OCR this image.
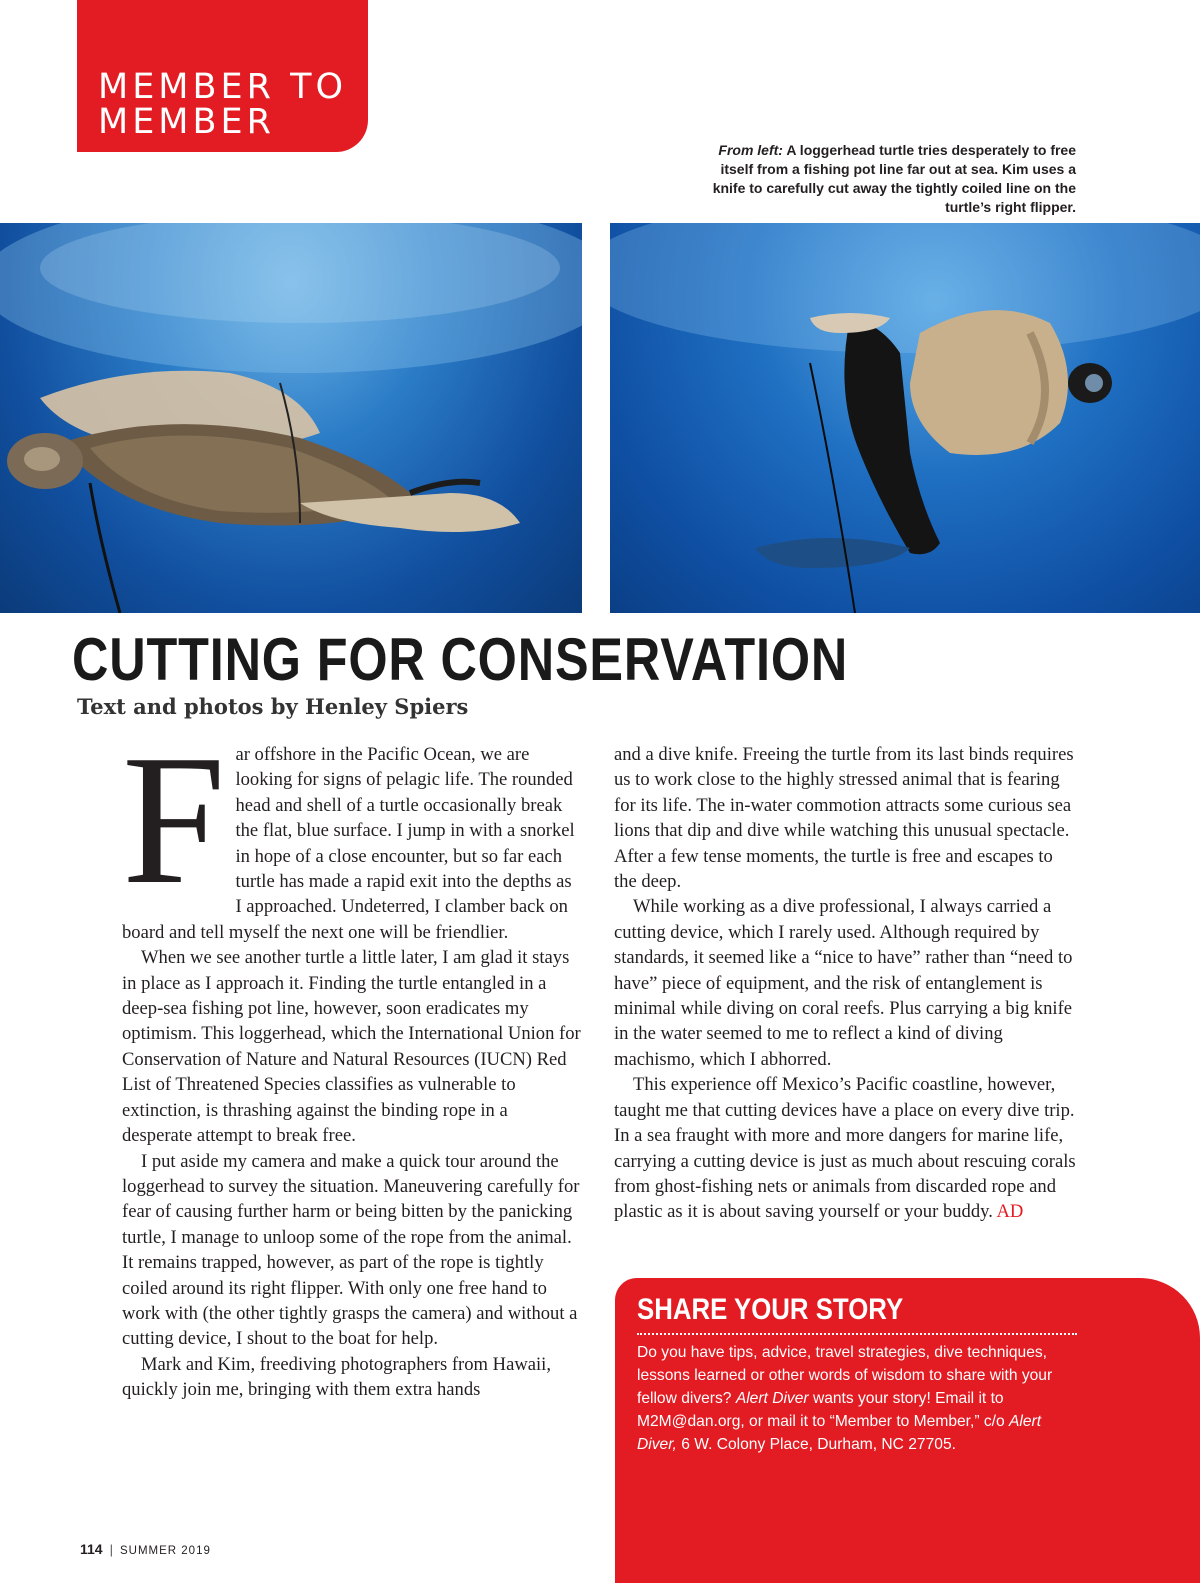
MEMBER TO
MEMBER
From left: A loggerhead turtle tries desperately to free itself from a fishing pot line far out at sea. Kim uses a knife to carefully cut away the tightly coiled line on the turtle’s right flipper.
CUTTING FOR CONSERVATION
Text and photos by Henley Spiers
F ar offshore in the Pacific Ocean, we are looking for signs of pelagic life. The rounded head and shell of a turtle occasionally break the flat, blue surface. I jump in with a snorkel in hope of a close encounter, but so far each turtle has made a rapid exit into the depths as I approached. Undeterred, I clamber back on board and tell myself the next one will be friendlier.

When we see another turtle a little later, I am glad it stays in place as I approach it. Finding the turtle entangled in a deep-sea fishing pot line, however, soon eradicates my optimism. This loggerhead, which the International Union for Conservation of Nature and Natural Resources (IUCN) Red List of Threatened Species classifies as vulnerable to extinction, is thrashing against the binding rope in a desperate attempt to break free.

I put aside my camera and make a quick tour around the loggerhead to survey the situation. Maneuvering carefully for fear of causing further harm or being bitten by the panicking turtle, I manage to unloop some of the rope from the animal. It remains trapped, however, as part of the rope is tightly coiled around its right flipper. With only one free hand to work with (the other tightly grasps the camera) and without a cutting device, I shout to the boat for help.

Mark and Kim, freediving photographers from Hawaii, quickly join me, bringing with them extra hands

and a dive knife. Freeing the turtle from its last binds requires us to work close to the highly stressed animal that is fearing for its life. The in-water commotion attracts some curious sea lions that dip and dive while watching this unusual spectacle. After a few tense moments, the turtle is free and escapes to the deep.

While working as a dive professional, I always carried a cutting device, which I rarely used. Although required by standards, it seemed like a “nice to have” rather than “need to have” piece of equipment, and the risk of entanglement is minimal while diving on coral reefs. Plus carrying a big knife in the water seemed to me to reflect a kind of diving machismo, which I abhorred.

This experience off Mexico’s Pacific coastline, however, taught me that cutting devices have a place on every dive trip. In a sea fraught with more and more dangers for marine life, carrying a cutting device is just as much about rescuing corals from ghost-fishing nets or animals from discarded rope and plastic as it is about saving yourself or your buddy. AD

SHARE YOUR STORY
Do you have tips, advice, travel strategies, dive techniques, lessons learned or other words of wisdom to share with your fellow divers? Alert Diver wants your story! Email it to M2M@dan.org, or mail it to “Member to Member,” c/o Alert Diver, 6 W. Colony Place, Durham, NC 27705.
114 | SUMMER 2019
